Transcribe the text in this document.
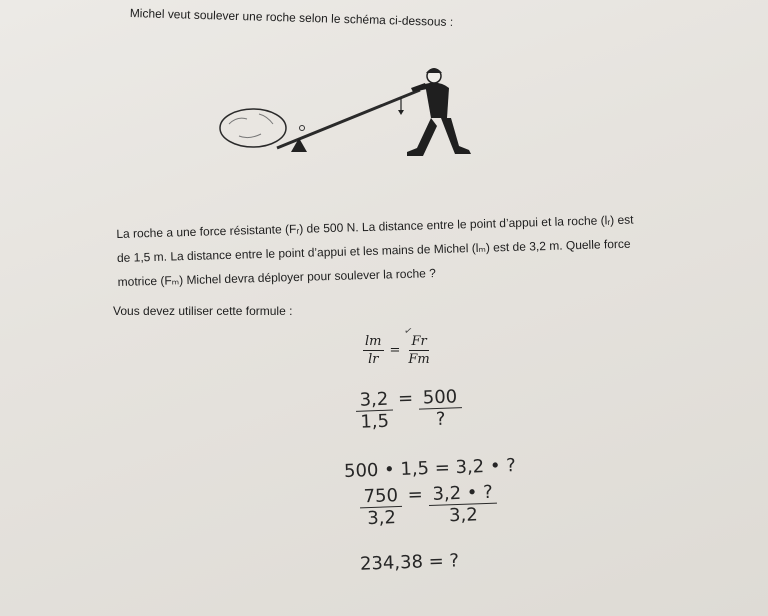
Michel veut soulever une roche selon le schéma ci-dessous :

La roche a une force résistante (Fᵣ) de 500 N. La distance entre le point d’appui et la roche (lᵣ) est

de 1,5 m. La distance entre le point d’appui et les mains de Michel (lₘ) est de 3,2 m. Quelle force

motrice (Fₘ) Michel devra déployer pour soulever la roche ?

Vous devez utiliser cette formule :
✓
$\frac{lm}{lr} = \frac{Fr}{Fm}$
$\frac{3,2}{1,5} = \frac{500}{?}$
500 • 1,5 = 3,2 • ?
$\frac{750}{3,2} = \frac{3,2 • ?}{3,2}$
234,38 = ?
